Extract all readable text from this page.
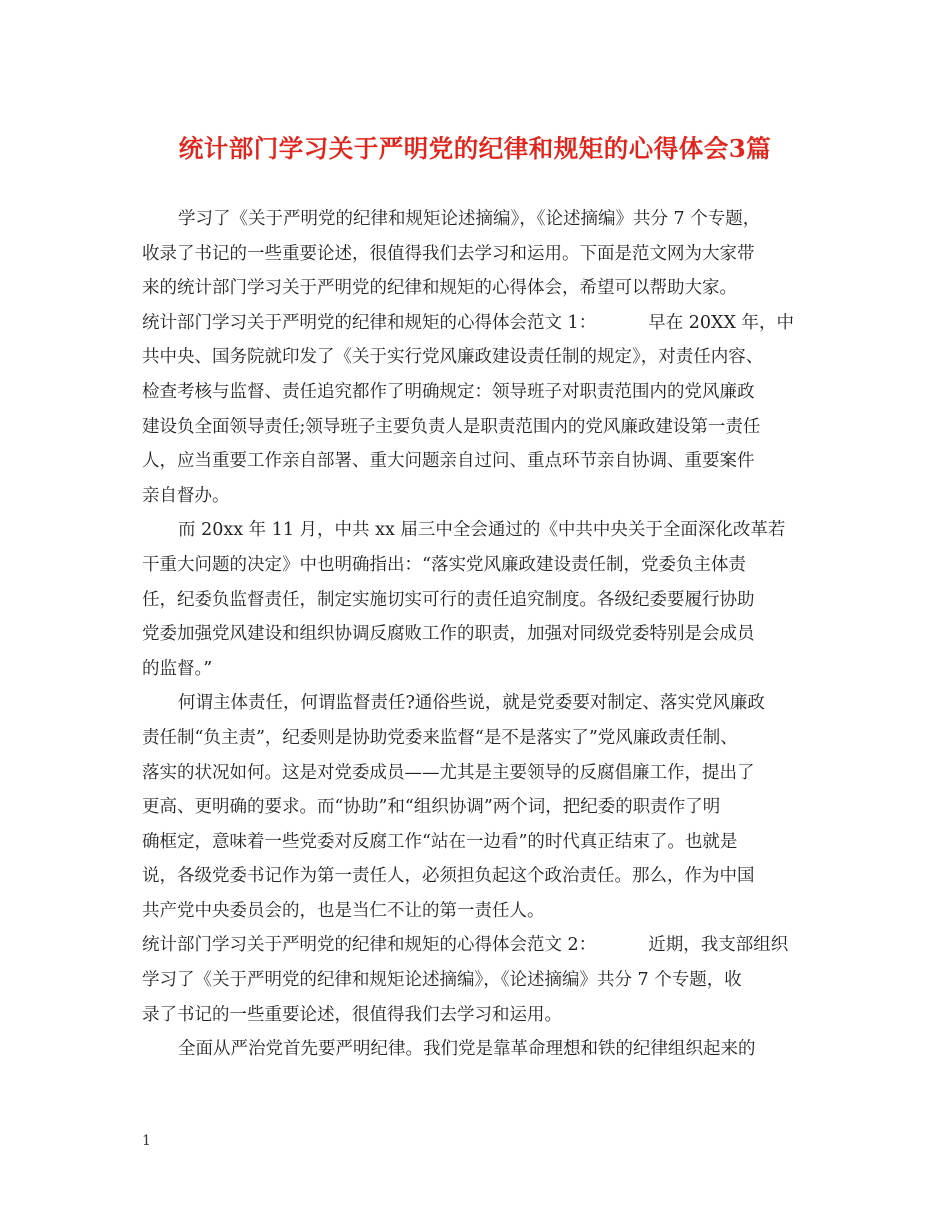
统计部门学习关于严明党的纪律和规矩的心得体会3篇
学习了《关于严明党的纪律和规矩论述摘编》，《论述摘编》共分 7 个专题，
收录了书记的一些重要论述，很值得我们去学习和运用。下面是范文网为大家带
来的统计部门学习关于严明党的纪律和规矩的心得体会，希望可以帮助大家。
统计部门学习关于严明党的纪律和规矩的心得体会范文 1：	早在 20XX 年，中
共中央、国务院就印发了《关于实行党风廉政建设责任制的规定》，对责任内容、
检查考核与监督、责任追究都作了明确规定：领导班子对职责范围内的党风廉政
建设负全面领导责任;领导班子主要负责人是职责范围内的党风廉政建设第一责任
人，应当重要工作亲自部署、重大问题亲自过问、重点环节亲自协调、重要案件
亲自督办。
而 20xx 年 11 月，中共 xx 届三中全会通过的《中共中央关于全面深化改革若
干重大问题的决定》中也明确指出：“落实党风廉政建设责任制，党委负主体责
任，纪委负监督责任，制定实施切实可行的责任追究制度。各级纪委要履行协助
党委加强党风建设和组织协调反腐败工作的职责，加强对同级党委特别是会成员
的监督。”
何谓主体责任，何谓监督责任?通俗些说，就是党委要对制定、落实党风廉政
责任制“负主责”，纪委则是协助党委来监督“是不是落实了”党风廉政责任制、
落实的状况如何。这是对党委成员——尤其是主要领导的反腐倡廉工作，提出了
更高、更明确的要求。而“协助”和“组织协调”两个词，把纪委的职责作了明
确框定，意味着一些党委对反腐工作“站在一边看”的时代真正结束了。也就是
说，各级党委书记作为第一责任人，必须担负起这个政治责任。那么，作为中国
共产党中央委员会的，也是当仁不让的第一责任人。
统计部门学习关于严明党的纪律和规矩的心得体会范文 2：	近期，我支部组织
学习了《关于严明党的纪律和规矩论述摘编》，《论述摘编》共分 7 个专题，收
录了书记的一些重要论述，很值得我们去学习和运用。
全面从严治党首先要严明纪律。我们党是靠革命理想和铁的纪律组织起来的
1
